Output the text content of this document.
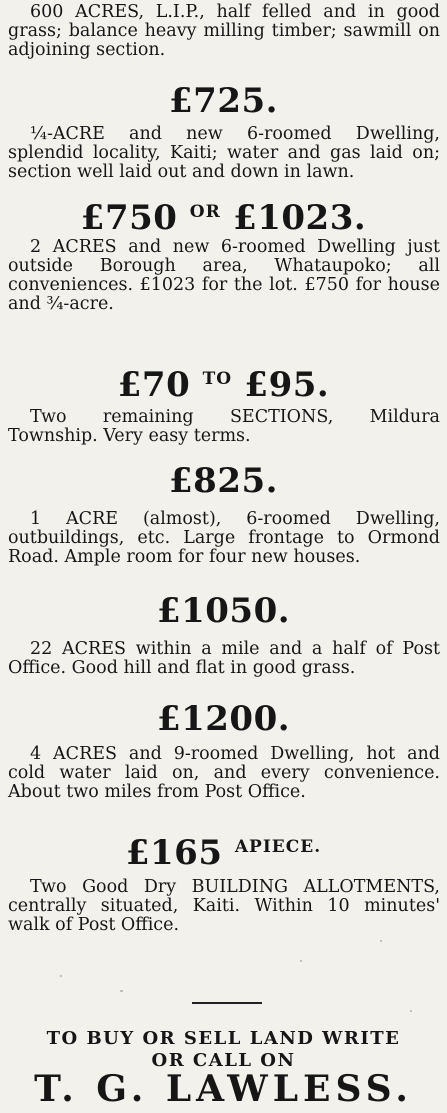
600 ACRES, L.I.P., half felled and in good grass; balance heavy milling timber; sawmill on adjoining section.

£725.

¼-ACRE and new 6-roomed Dwelling, splendid locality, Kaiti; water and gas laid on; section well laid out and down in lawn.

£750 $^{OR}$ £1023.

2 ACRES and new 6-roomed Dwelling just outside Borough area, Whataupoko; all conveniences. £1023 for the lot. £750 for house and ¾-acre.

£70 $^{TO}$ £95.

Two remaining SECTIONS, Mildura Township. Very easy terms.

£825.

1 ACRE (almost), 6-roomed Dwelling, outbuildings, etc. Large frontage to Ormond Road. Ample room for four new houses.

£1050.

22 ACRES within a mile and a half of Post Office. Good hill and flat in good grass.

£1200.

4 ACRES and 9-roomed Dwelling, hot and cold water laid on, and every convenience. About two miles from Post Office.

£165 $^{APIECE.}$

Two Good Dry BUILDING ALLOTMENTS, centrally situated, Kaiti. Within 10 minutes' walk of Post Office.

TO BUY OR SELL LAND WRITE

OR CALL ON

T. G. LAWLESS.
